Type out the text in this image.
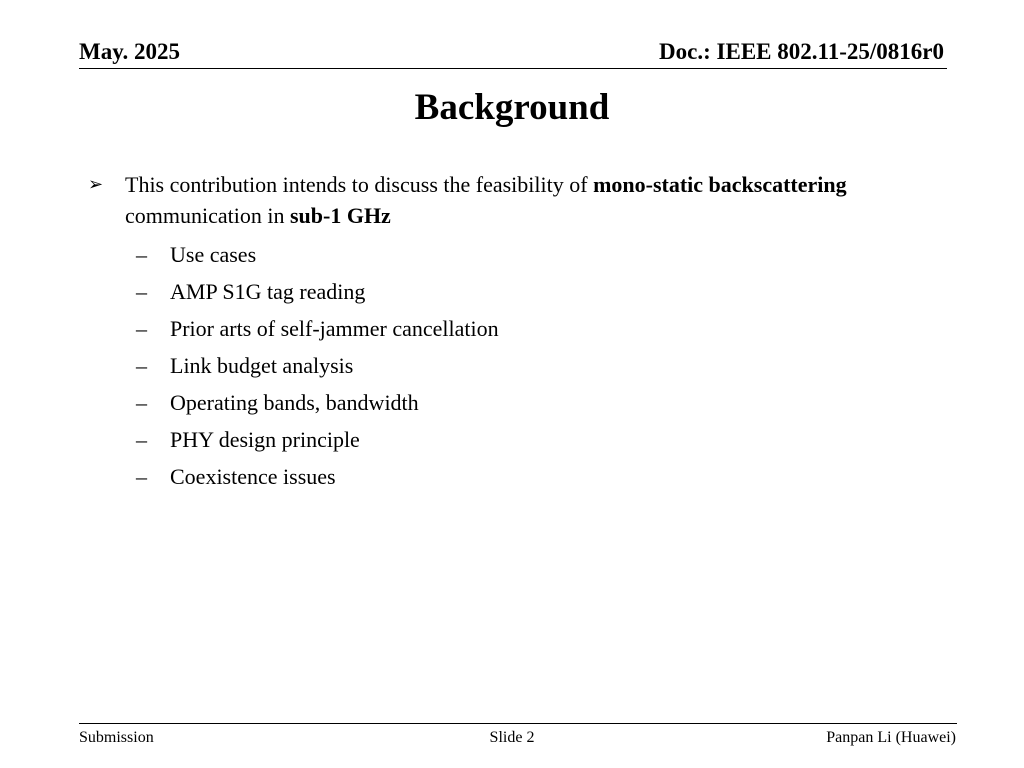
May. 2025	Doc.: IEEE 802.11-25/0816r0
Background
➢ This contribution intends to discuss the feasibility of mono-static backscattering communication in sub-1 GHz
– Use cases
– AMP S1G tag reading
– Prior arts of self-jammer cancellation
– Link budget analysis
– Operating bands, bandwidth
– PHY design principle
– Coexistence issues
Submission	Slide 2	Panpan Li (Huawei)
